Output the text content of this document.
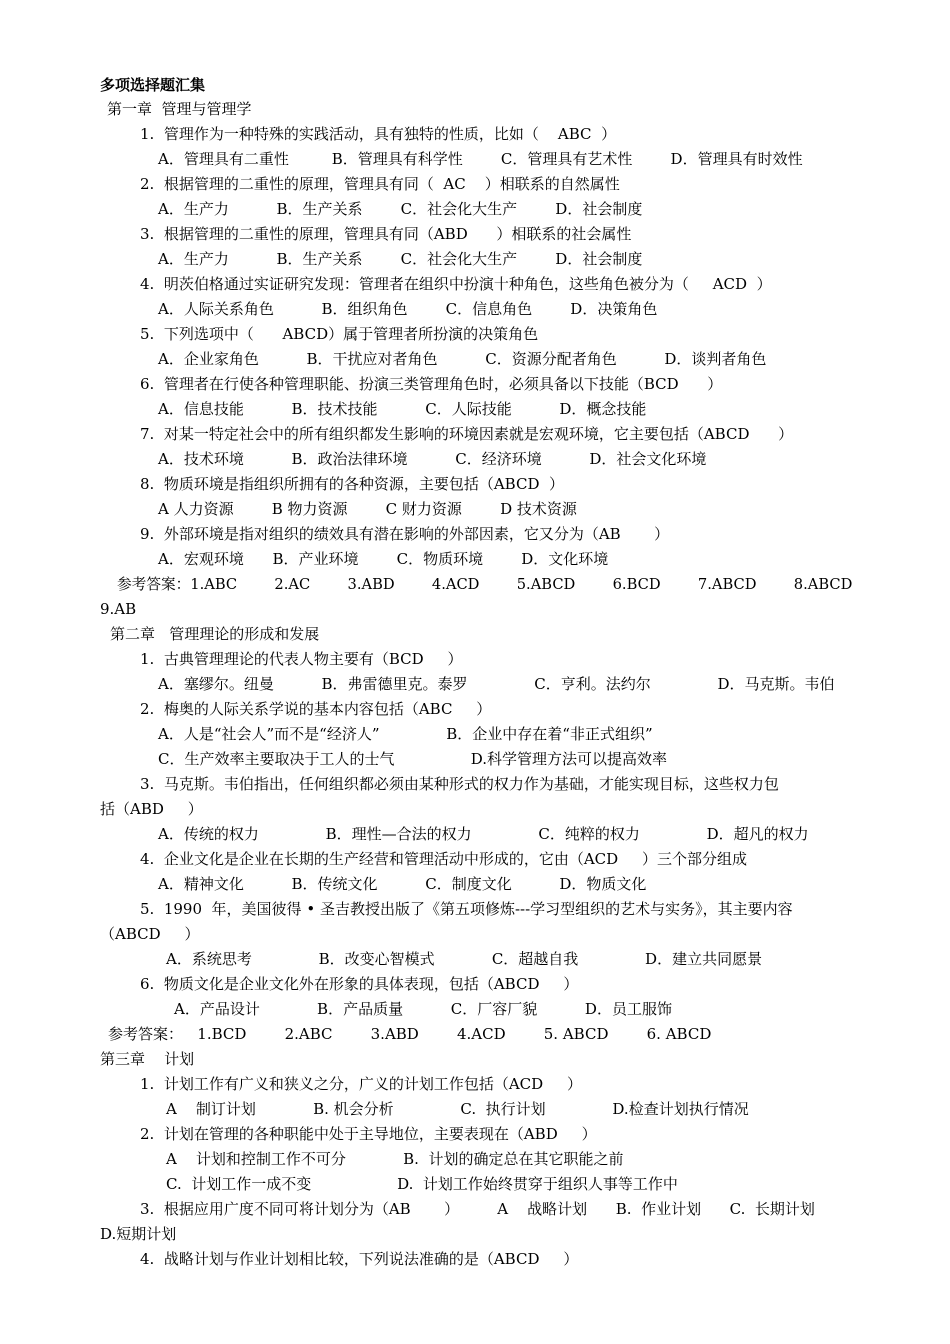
多项选择题汇集
第一章  管理与管理学
1.  管理作为一种特殊的实践活动，具有独特的性质，比如（    ABC  ）
A．管理具有二重性         B．管理具有科学性        C．管理具有艺术性        D．管理具有时效性
2.  根据管理的二重性的原理，管理具有同（  AC    ）相联系的自然属性
A．生产力          B．生产关系        C．社会化大生产        D．社会制度
3.  根据管理的二重性的原理，管理具有同（ABD      ）相联系的社会属性
A．生产力          B．生产关系        C．社会化大生产        D．社会制度
4.  明茨伯格通过实证研究发现：管理者在组织中扮演十种角色，这些角色被分为（     ACD  ）
A．人际关系角色          B．组织角色        C．信息角色        D．决策角色
5.  下列选项中（      ABCD）属于管理者所扮演的决策角色
A．企业家角色          B．干扰应对者角色          C．资源分配者角色          D．谈判者角色
6.  管理者在行使各种管理职能、扮演三类管理角色时，必须具备以下技能（BCD      ）
A．信息技能          B．技术技能          C．人际技能          D．概念技能
7.  对某一特定社会中的所有组织都发生影响的环境因素就是宏观环境，它主要包括（ABCD      ）
A．技术环境          B．政治法律环境          C．经济环境          D．社会文化环境
8.  物质环境是指组织所拥有的各种资源，主要包括（ABCD  ）
A 人力资源        B 物力资源        C 财力资源        D 技术资源
9.  外部环境是指对组织的绩效具有潜在影响的外部因素，它又分为（AB       ）
A．宏观环境      B．产业环境        C．物质环境        D．文化环境
参考答案：1.ABC        2.AC        3.ABD        4.ACD        5.ABCD        6.BCD        7.ABCD        8.ABCD
9.AB
第二章   管理理论的形成和发展
1.  古典管理理论的代表人物主要有（BCD     ）
A．塞缪尔。纽曼          B．弗雷德里克。泰罗              C．亨利。法约尔              D．马克斯。韦伯
2.  梅奥的人际关系学说的基本内容包括（ABC     ）
A．人是“社会人”而不是“经济人”              B．企业中存在着“非正式组织”
C．生产效率主要取决于工人的士气                D.科学管理方法可以提高效率
3.  马克斯。韦伯指出，任何组织都必须由某种形式的权力作为基础，才能实现目标，这些权力包
括（ABD     ）
A．传统的权力              B．理性—合法的权力              C．纯粹的权力              D．超凡的权力
4.  企业文化是企业在长期的生产经营和管理活动中形成的，它由（ACD     ）三个部分组成
A．精神文化          B．传统文化          C．制度文化          D．物质文化
5.  1990  年，美国彼得 • 圣吉教授出版了《第五项修炼---学习型组织的艺术与实务》，其主要内容
（ABCD     ）
A．系统思考              B．改变心智模式            C．超越自我              D．建立共同愿景
6.  物质文化是企业文化外在形象的具体表现，包括（ABCD     ）
A．产品设计            B．产品质量          C．厂容厂貌          D．员工服饰
参考答案：   1.BCD        2.ABC        3.ABD        4.ACD        5. ABCD        6. ABCD
第三章    计划
1.  计划工作有广义和狭义之分，广义的计划工作包括（ACD     ）
A    制订计划            B. 机会分析              C.  执行计划              D.检查计划执行情况
2.  计划在管理的各种职能中处于主导地位，主要表现在（ABD     ）
A    计划和控制工作不可分            B.  计划的确定总在其它职能之前
C.  计划工作一成不变                  D.  计划工作始终贯穿于组织人事等工作中
3.  根据应用广度不同可将计划分为（AB       ）        A    战略计划      B.  作业计划      C.  长期计划
D.短期计划
4.  战略计划与作业计划相比较，下列说法准确的是（ABCD     ）
